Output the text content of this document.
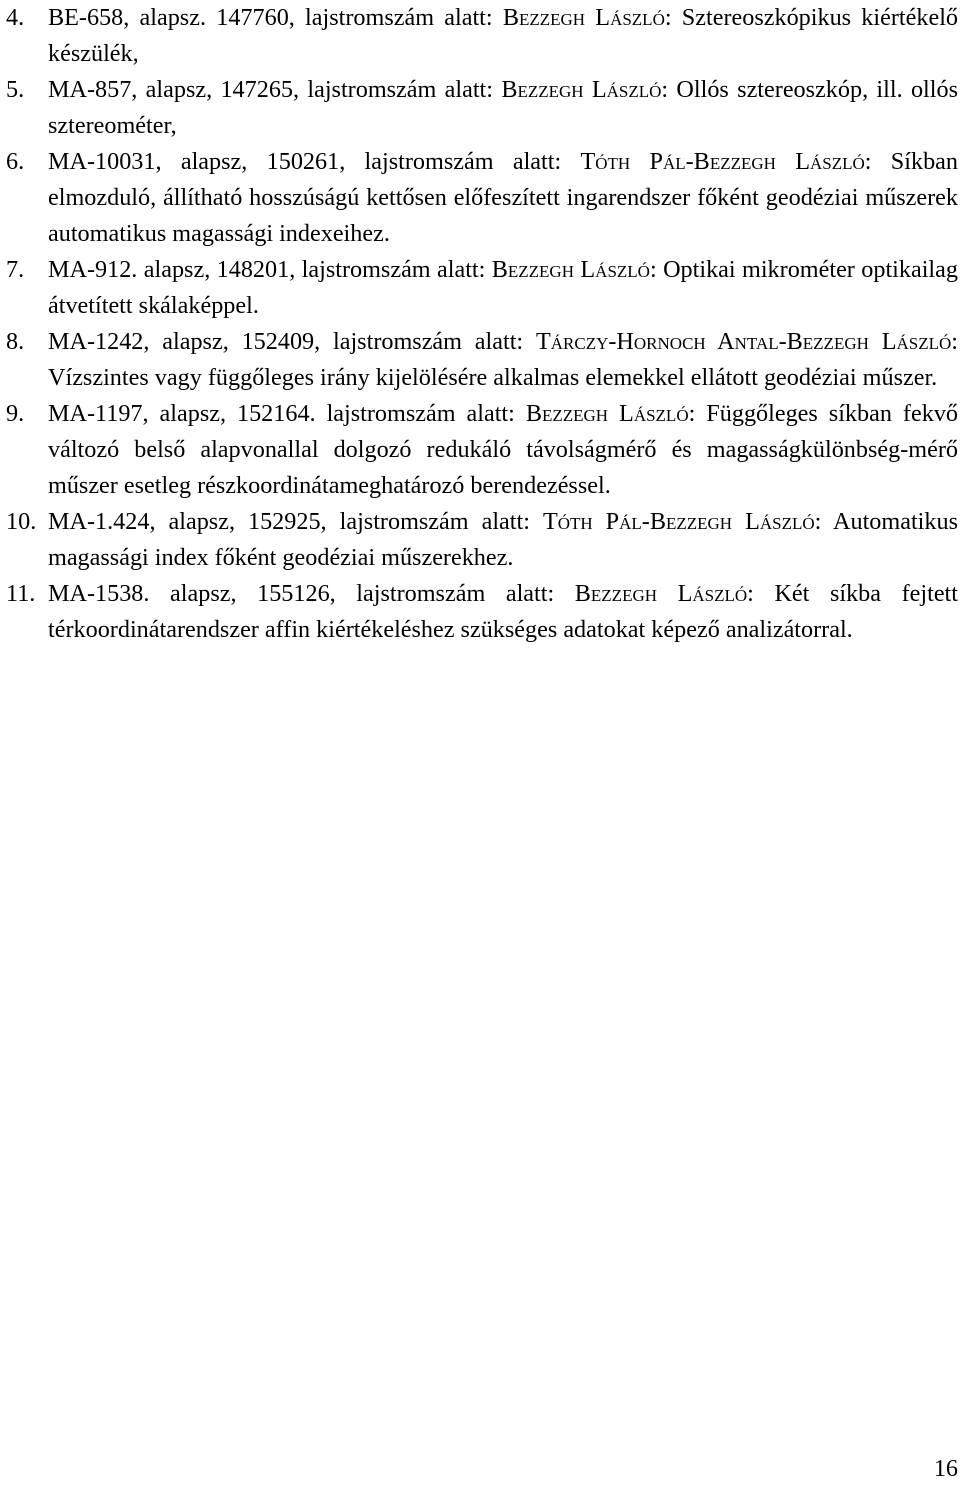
4. BE-658, alapsz. 147760, lajstromszám alatt: Bezzegh László: Sztereoszkópikus kiértékelő készülék,
5. MA-857, alapsz, 147265, lajstromszám alatt: Bezzegh László: Ollós sztereoszkóp, ill. ollós sztereométer,
6. MA-10031, alapsz, 150261, lajstromszám alatt: Tóth Pál-Bezzegh László: Síkban elmozduló, állítható hosszúságú kettősen előfeszített ingarendszer főként geodéziai műszerek automatikus magassági indexeihez.
7. MA-912. alapsz, 148201, lajstromszám alatt: Bezzegh László: Optikai mikrométer optikailag átvetített skálaképpel.
8. MA-1242, alapsz, 152409, lajstromszám alatt: Tárczy-Hornoch Antal-Bezzegh László: Vízszintes vagy függőleges irány kijelölésére alkalmas elemekkel ellátott geodéziai műszer.
9. MA-1197, alapsz, 152164. lajstromszám alatt: Bezzegh László: Függőleges síkban fekvő változó belső alapvonallal dolgozó redukáló távolságmérő és magasságkülönbség-mérő műszer esetleg részkoordinátameghatározó berendezéssel.
10. MA-1.424, alapsz, 152925, lajstromszám alatt: Tóth Pál-Bezzegh László: Automatikus magassági index főként geodéziai műszerekhez.
11. MA-1538. alapsz, 155126, lajstromszám alatt: Bezzegh László: Két síkba fejtett térkoordinátarendszer affin kiértékeléshez szükséges adatokat képező analizátorral.
16
